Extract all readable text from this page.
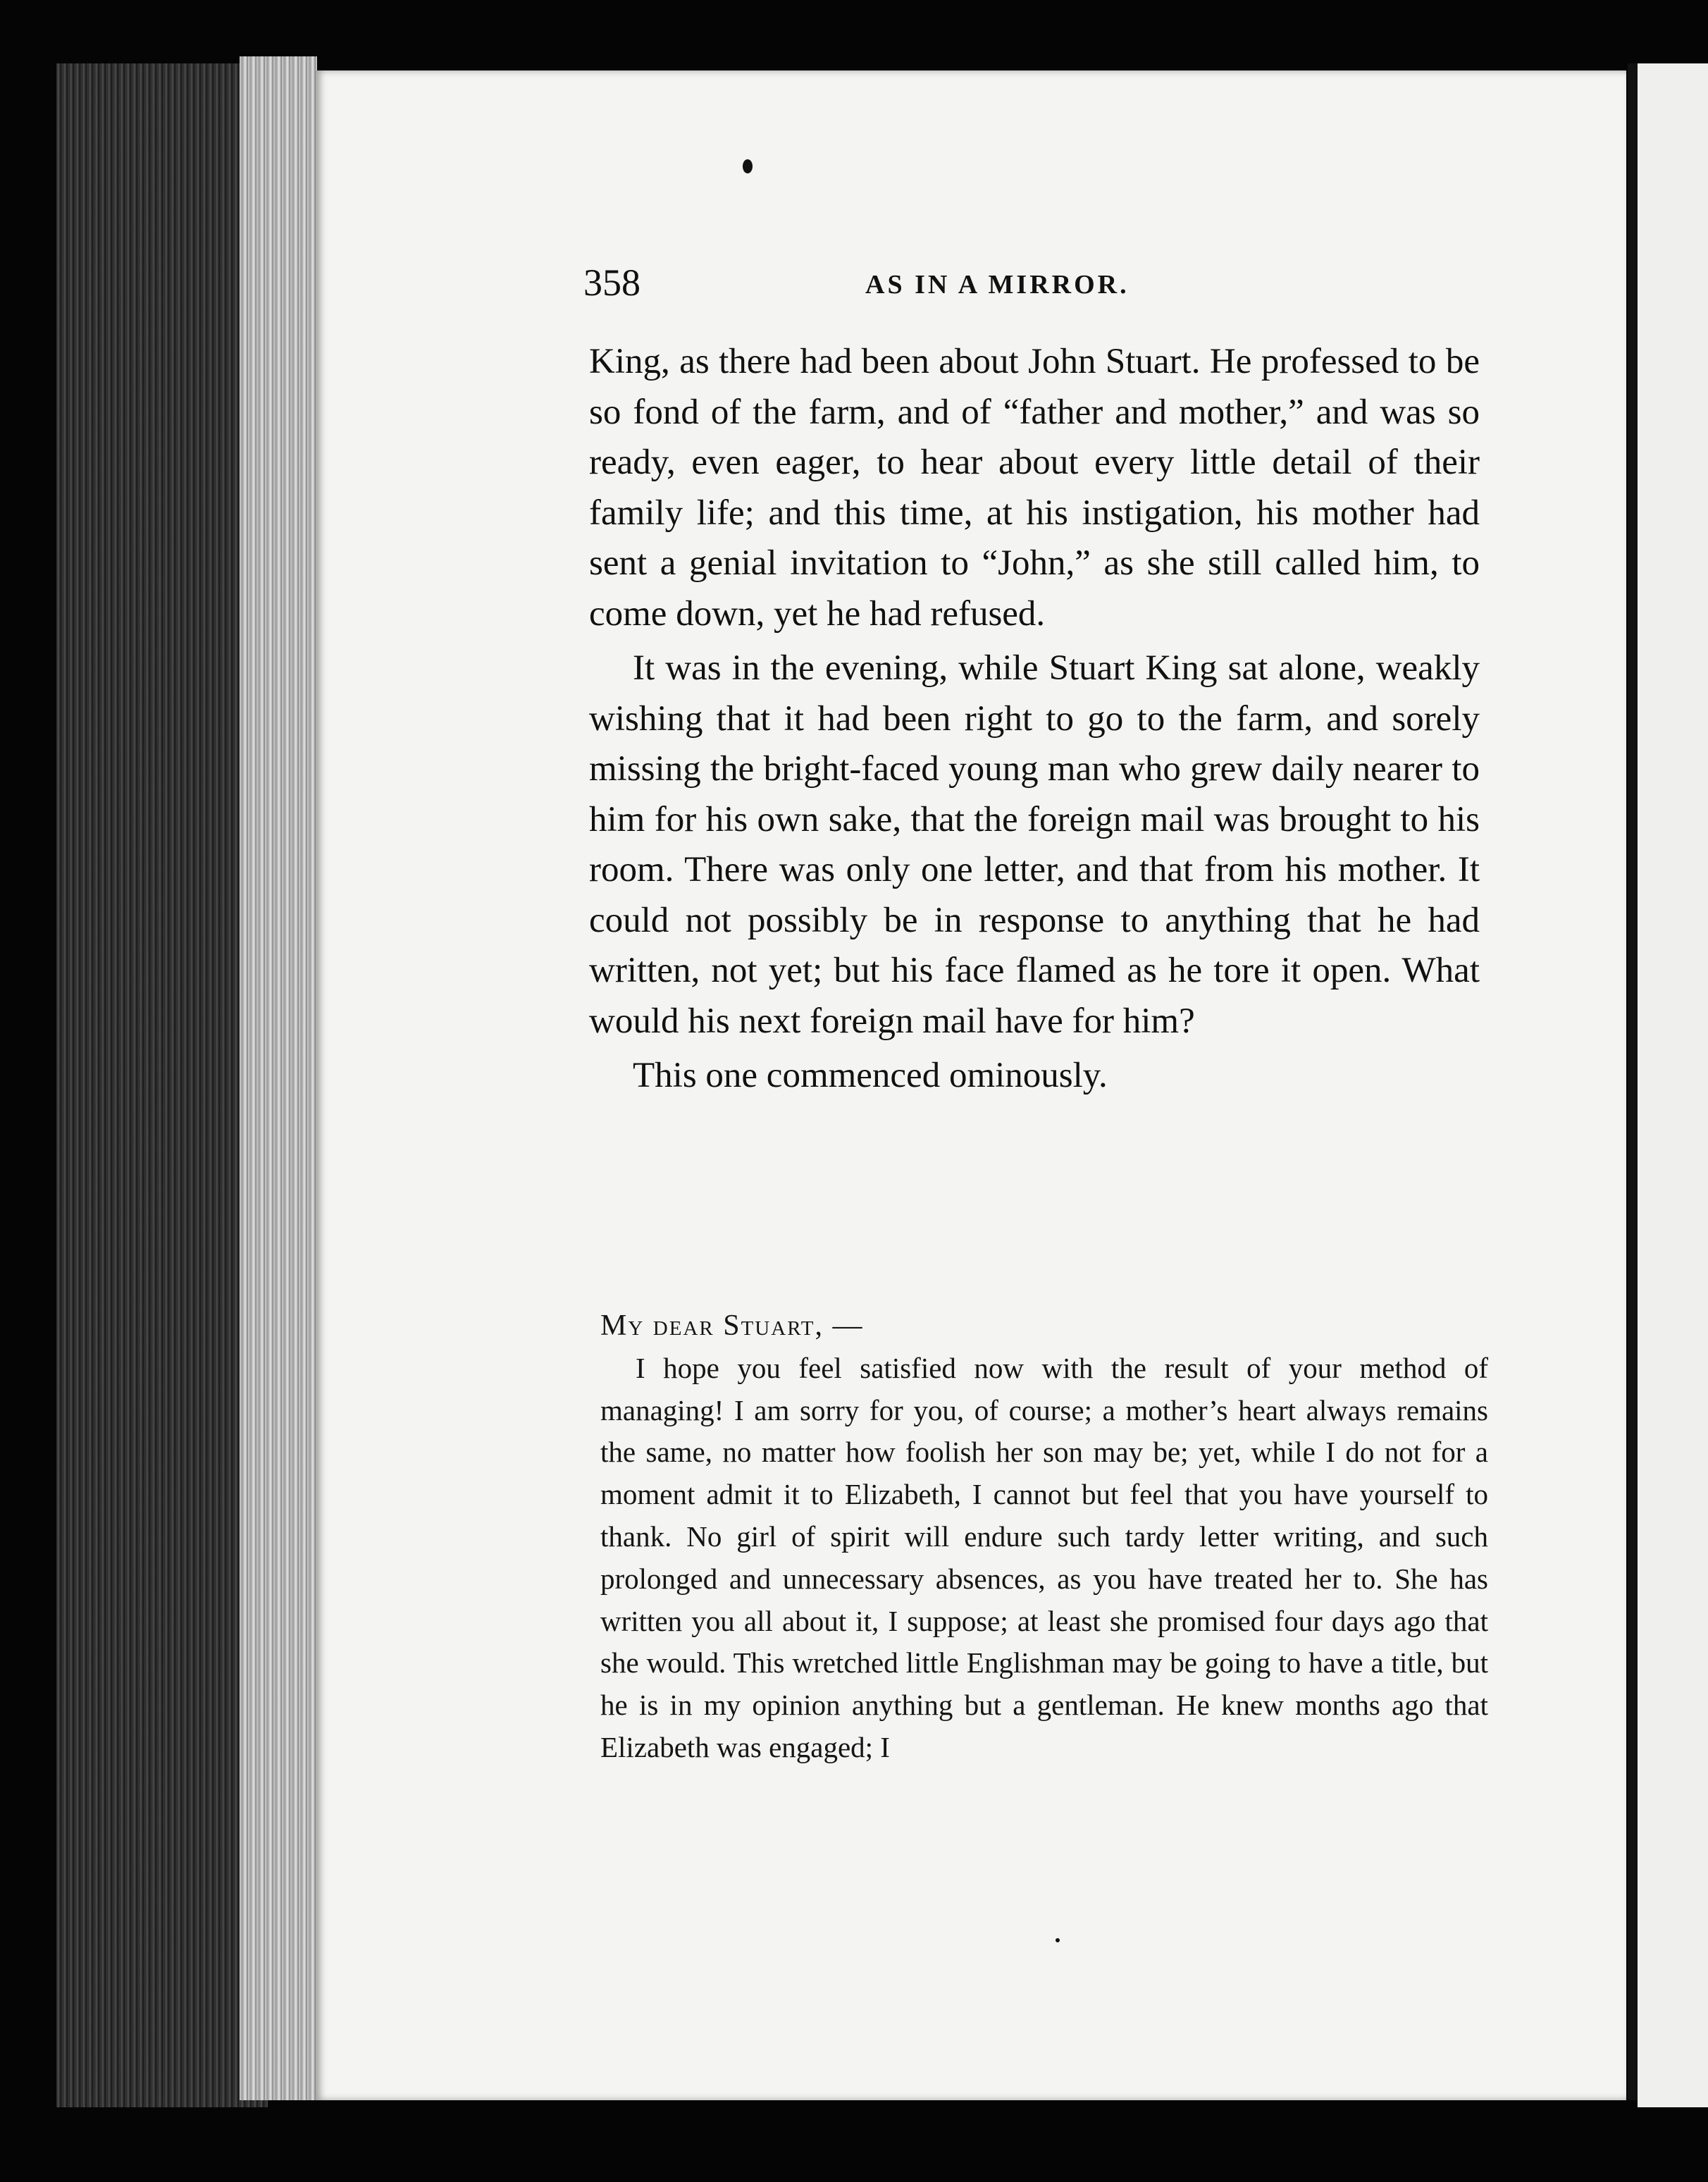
358	AS IN A MIRROR.

King, as there had been about John Stuart. He professed to be so fond of the farm, and of “father and mother,” and was so ready, even eager, to hear about every little detail of their family life; and this time, at his instigation, his mother had sent a genial invitation to “John,” as she still called him, to come down, yet he had refused.

It was in the evening, while Stuart King sat alone, weakly wishing that it had been right to go to the farm, and sorely missing the bright-faced young man who grew daily nearer to him for his own sake, that the foreign mail was brought to his room. There was only one letter, and that from his mother. It could not possibly be in response to anything that he had written, not yet; but his face flamed as he tore it open. What would his next foreign mail have for him?

This one commenced ominously.

My dear Stuart, —

I hope you feel satisfied now with the result of your method of managing! I am sorry for you, of course; a mother’s heart always remains the same, no matter how foolish her son may be; yet, while I do not for a moment admit it to Elizabeth, I cannot but feel that you have yourself to thank. No girl of spirit will endure such tardy letter writing, and such prolonged and unnecessary absences, as you have treated her to. She has written you all about it, I suppose; at least she promised four days ago that she would. This wretched little Englishman may be going to have a title, but he is in my opinion anything but a gentleman. He knew months ago that Elizabeth was engaged; I
